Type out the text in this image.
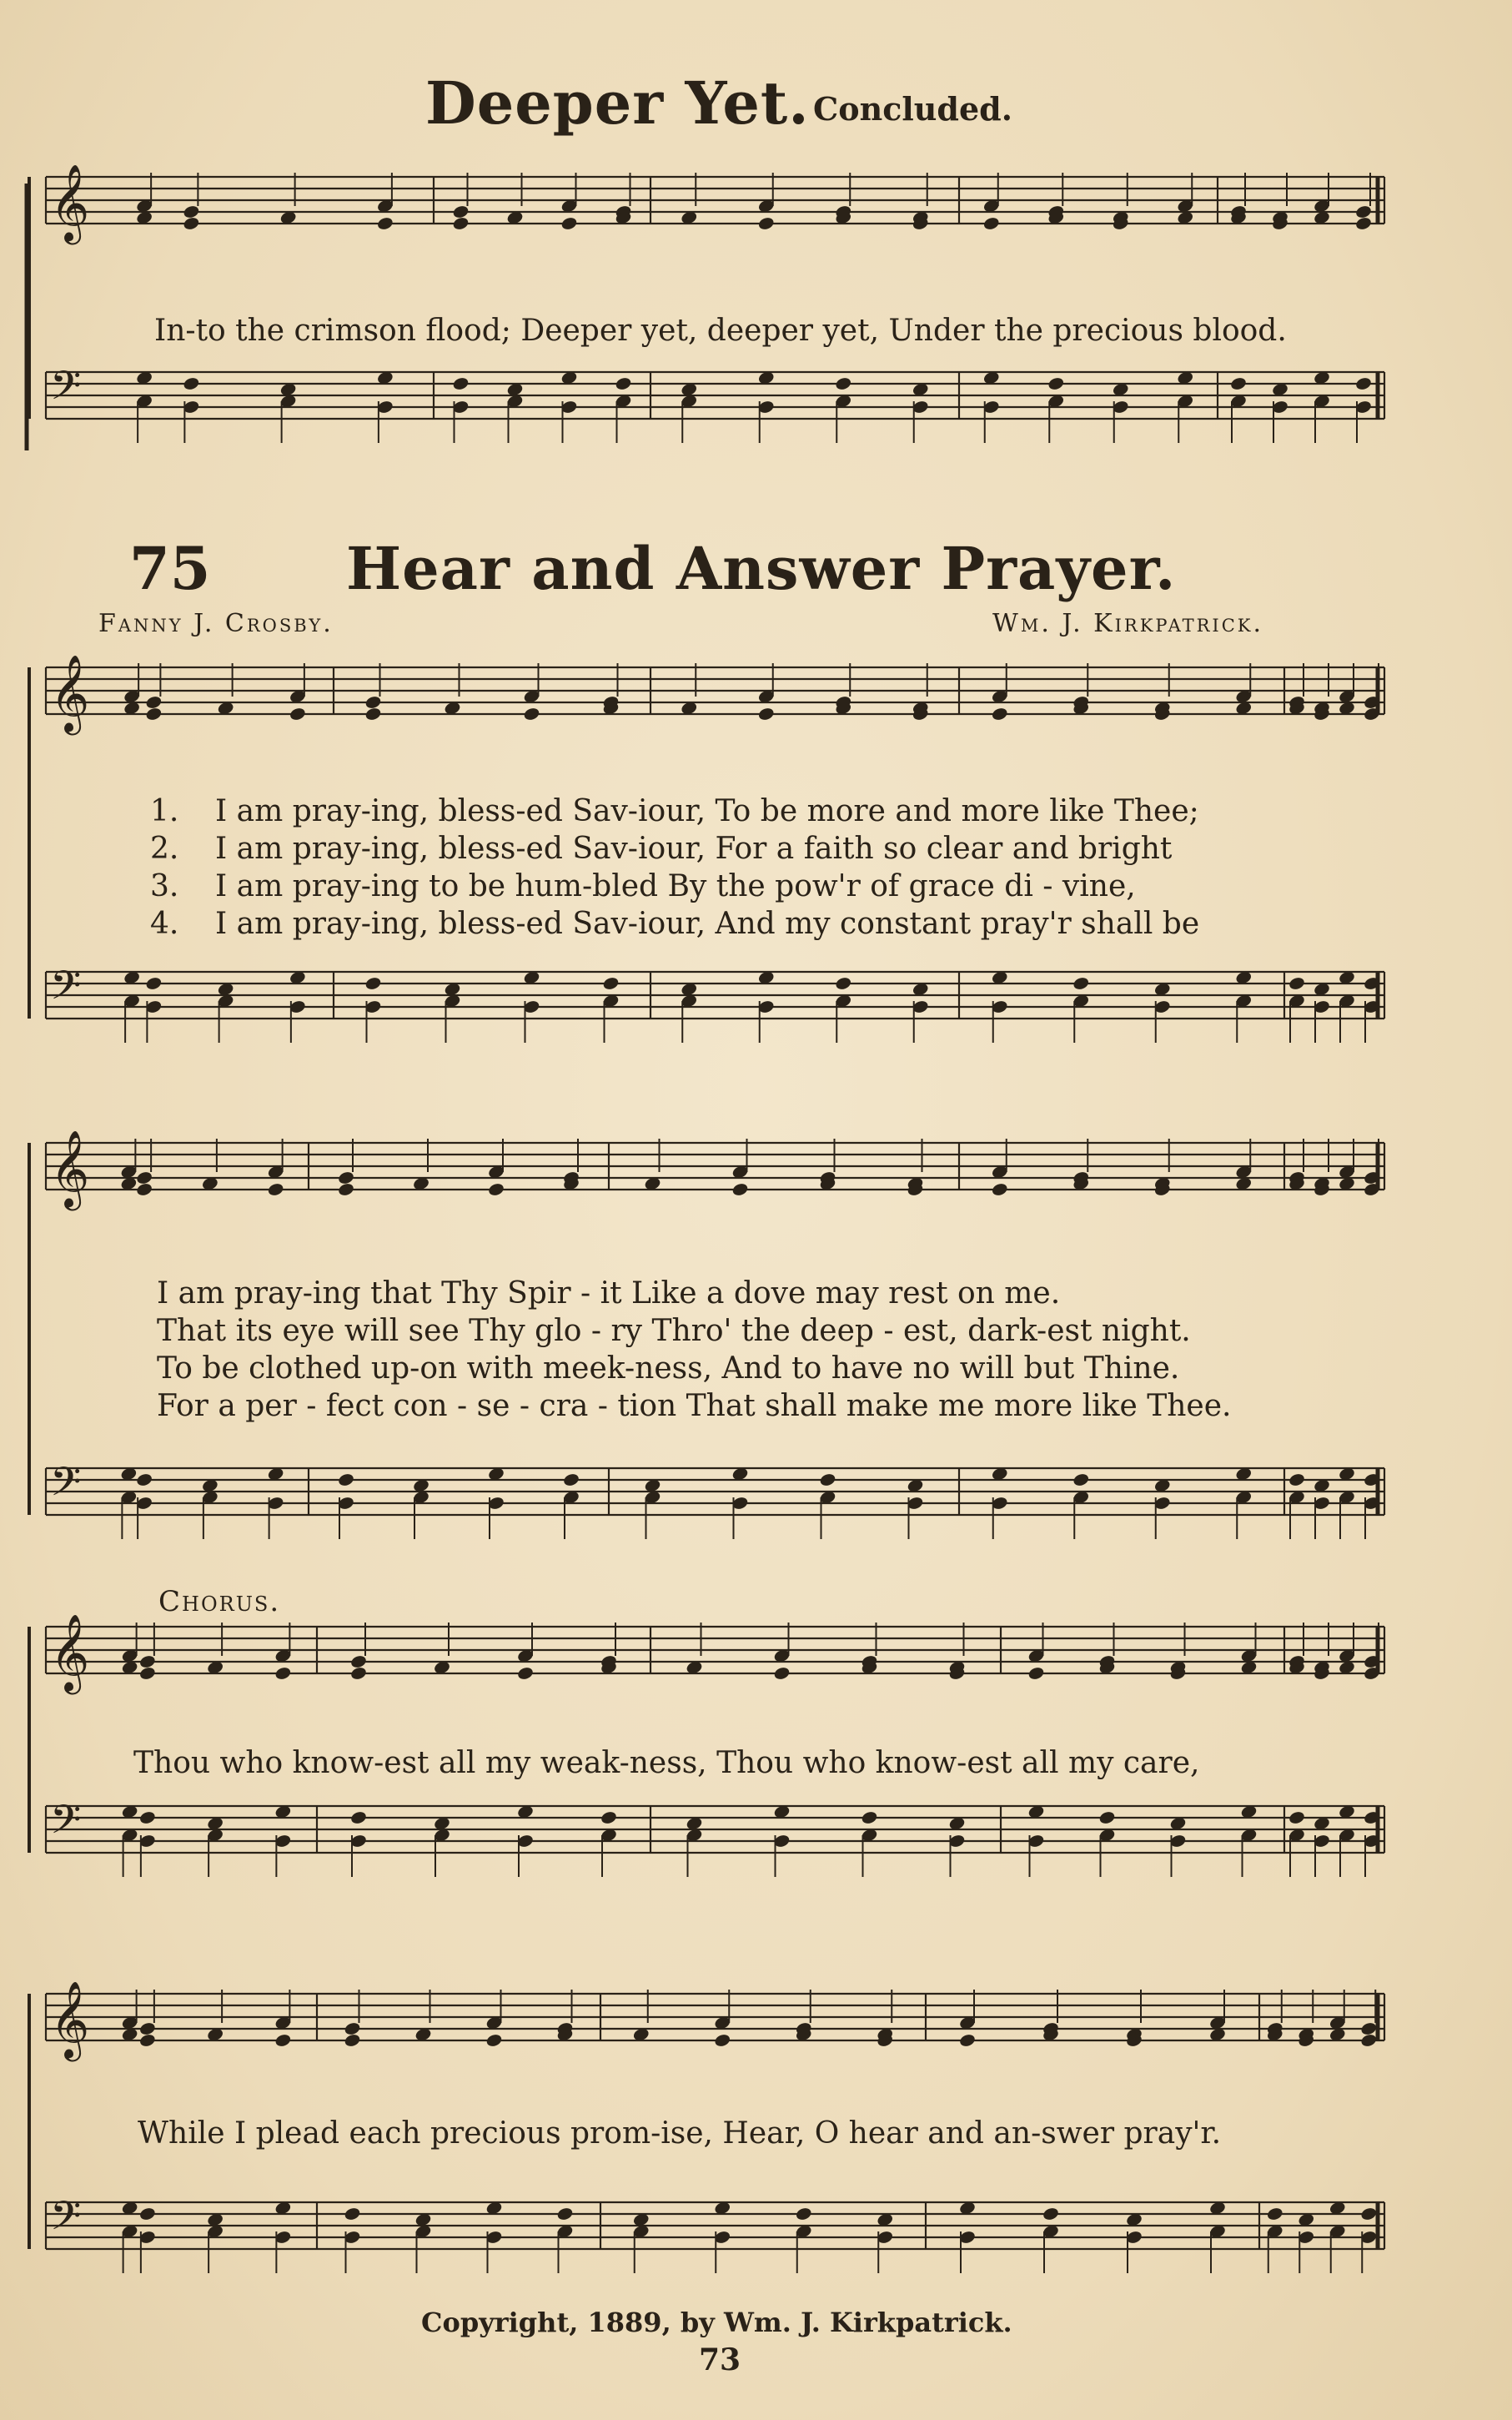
𝄞
𝄢
𝄞
𝄢
𝄞
𝄢
𝄞
𝄢
𝄞
𝄢
Deeper Yet. Concluded.
In-to the crimson flood; Deeper yet, deeper yet, Under the precious blood.
75 Hear and Answer Prayer.
Fanny J. Crosby.	Wm. J. Kirkpatrick.
1.
2.
3.
4.
I am pray-ing, bless-ed Sav-iour, To be more and more like Thee;
I am pray-ing, bless-ed Sav-iour, For a faith so clear and bright
I am pray-ing to be hum-bled By the pow'r of grace di - vine,
I am pray-ing, bless-ed Sav-iour, And my constant pray'r shall be
I am pray-ing that Thy Spir - it Like a dove may rest on me.
That its eye will see Thy glo - ry Thro' the deep - est, dark-est night.
To be clothed up-on with meek-ness, And to have no will but Thine.
For a per - fect con - se - cra - tion That shall make me more like Thee.
Chorus.
Thou who know-est all my weak-ness, Thou who know-est all my care,
While I plead each precious prom-ise, Hear, O hear and an-swer pray'r.
Copyright, 1889, by Wm. J. Kirkpatrick.
73
